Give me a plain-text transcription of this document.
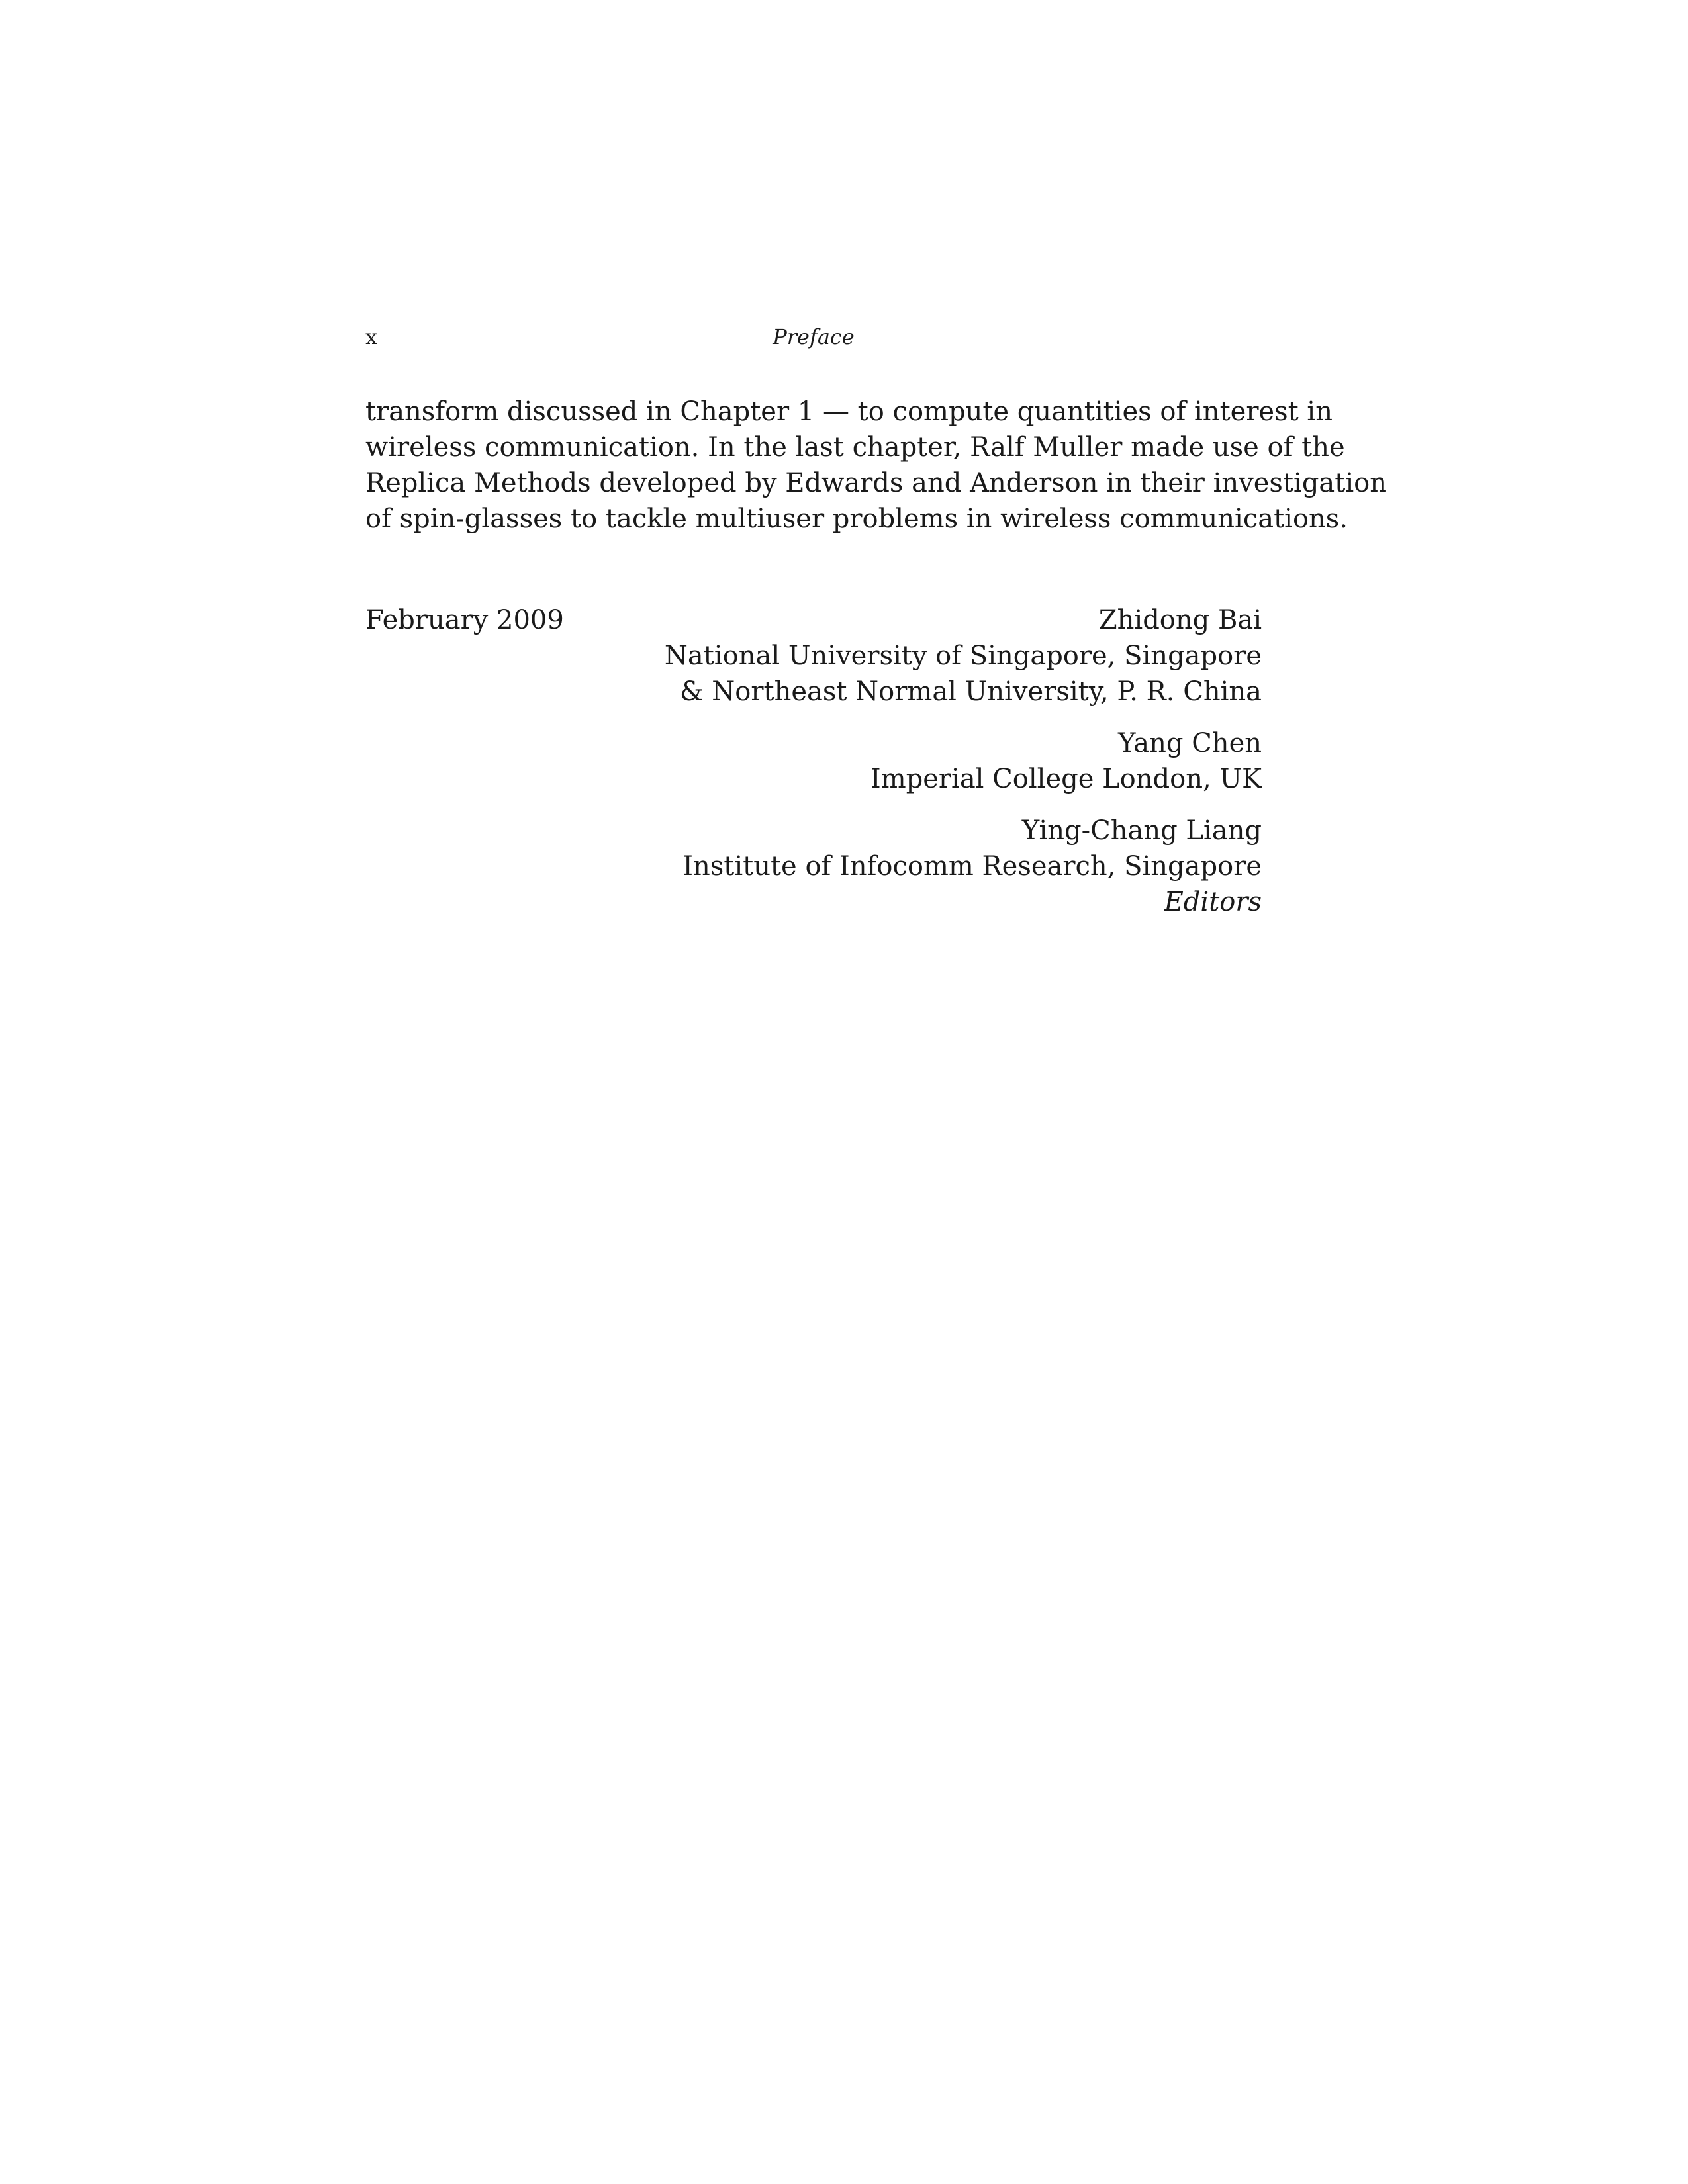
x	Preface
transform discussed in Chapter 1 — to compute quantities of interest in
wireless communication. In the last chapter, Ralf Muller made use of the
Replica Methods developed by Edwards and Anderson in their investigation
of spin-glasses to tackle multiuser problems in wireless communications.
February 2009	Zhidong Bai
National University of Singapore, Singapore
& Northeast Normal University, P. R. China
Yang Chen
Imperial College London, UK
Ying-Chang Liang
Institute of Infocomm Research, Singapore
Editors
